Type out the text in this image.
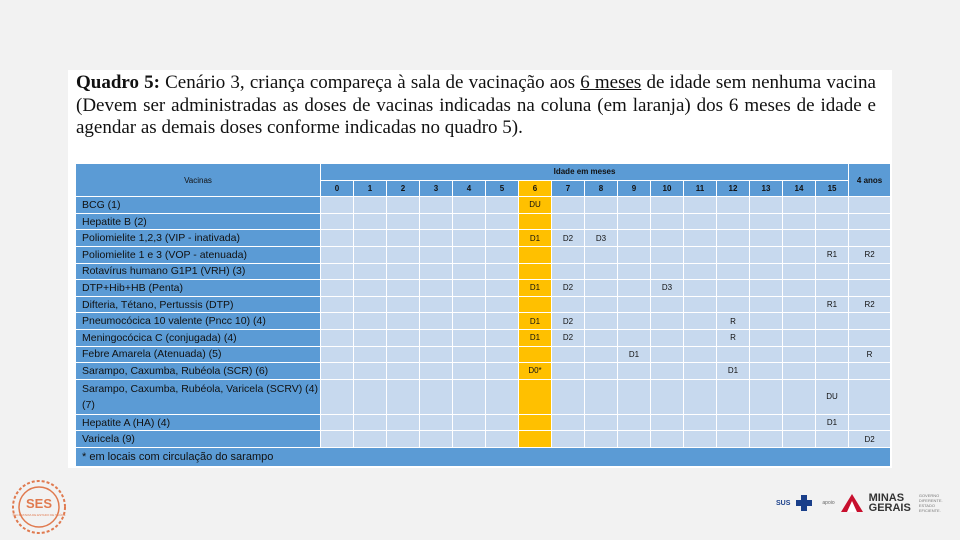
Quadro 5: Cenário 3, criança compareça à sala de vacinação aos 6 meses de idade sem nenhuma vacina (Devem ser administradas as doses de vacinas indicadas na coluna (em laranja) dos 6 meses de idade e agendar as demais doses conforme indicadas no quadro 5).
Vacinas	Idade em meses																4 anos
	0	1	2	3	4	5	6	7	8	9	10	11	12	13	14	15	
BCG (1)							DU										
Hepatite B (2)																	
Poliomielite 1,2,3 (VIP - inativada)							D1	D2	D3								
Poliomielite 1 e 3 (VOP - atenuada)																R1	R2
Rotavírus humano G1P1 (VRH) (3)																	
DTP+Hib+HB (Penta)							D1	D2			D3						
Difteria, Tétano, Pertussis (DTP)																R1	R2
Pneumocócica 10 valente (Pncc 10) (4)							D1	D2					R				
Meningocócica C (conjugada) (4)							D1	D2					R				
Febre Amarela (Atenuada) (5)										D1							R
Sarampo, Caxumba, Rubéola (SCR) (6)							D0*						D1				
Sarampo, Caxumba, Rubéola, Varicela (SCRV) (4) (7)																DU	
Hepatite A (HA) (4)																D1	
Varicela (9)																	D2
* em locais com circulação do sarampo																	
SES
SECRETARIA DE ESTADO DE SAÚDE
SUS	apoio	MINAS
GERAIS
GOVERNO DIFERENTE. ESTADO EFICIENTE.
